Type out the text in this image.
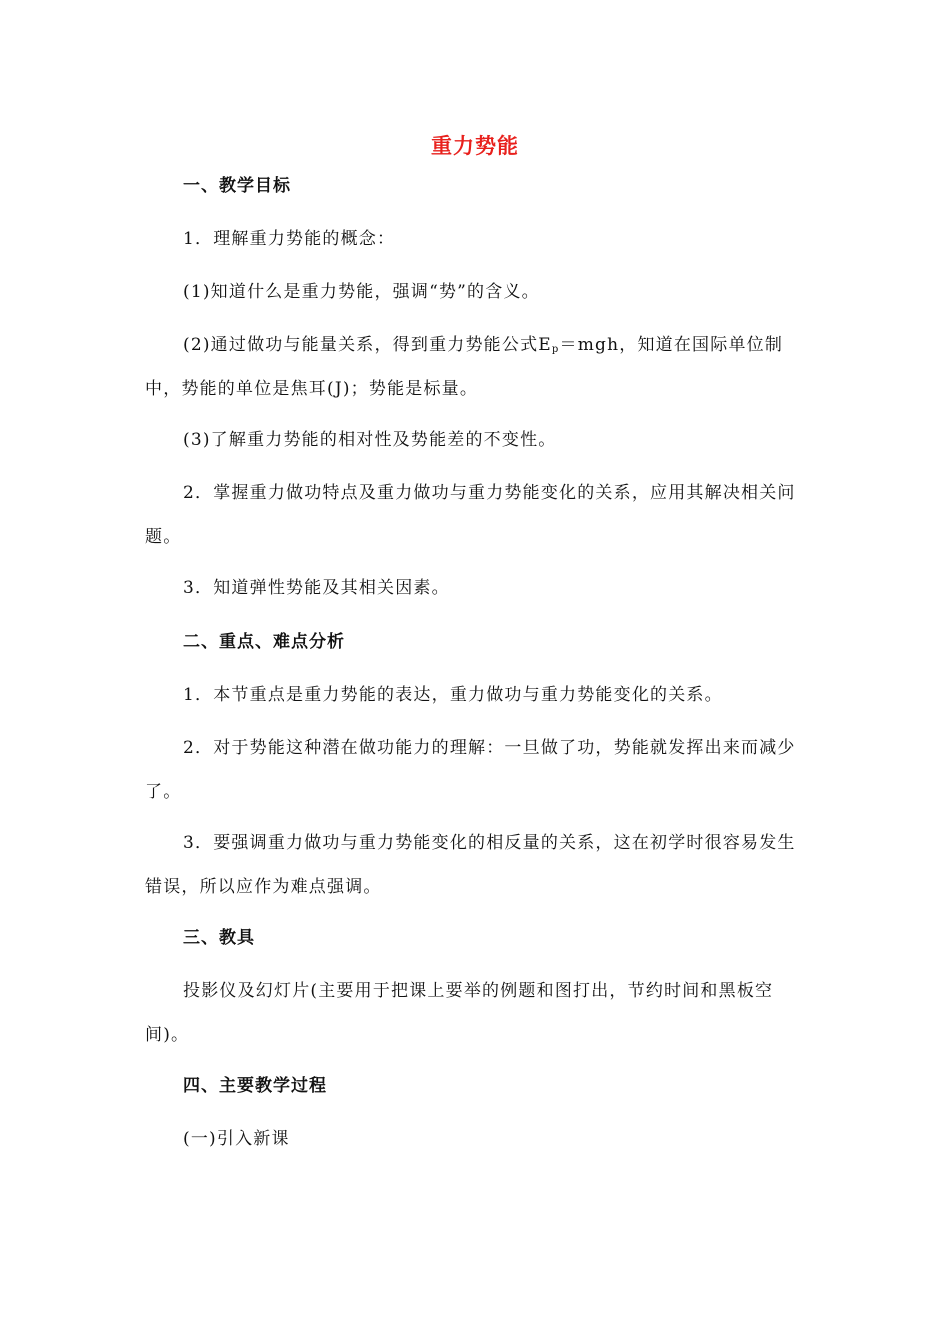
重力势能

一、教学目标

1．理解重力势能的概念：

(1)知道什么是重力势能，强调“势”的含义。

(2)通过做功与能量关系，得到重力势能公式$E_p=mgh$，知道在国际单位制中，势能的单位是焦耳(J)；势能是标量。

(3)了解重力势能的相对性及势能差的不变性。

2．掌握重力做功特点及重力做功与重力势能变化的关系，应用其解决相关问题。

3．知道弹性势能及其相关因素。

二、重点、难点分析

1．本节重点是重力势能的表达，重力做功与重力势能变化的关系。

2．对于势能这种潜在做功能力的理解：一旦做了功，势能就发挥出来而减少了。

3．要强调重力做功与重力势能变化的相反量的关系，这在初学时很容易发生错误，所以应作为难点强调。

三、教具

投影仪及幻灯片(主要用于把课上要举的例题和图打出，节约时间和黑板空间)。

四、主要教学过程

(一)引入新课
